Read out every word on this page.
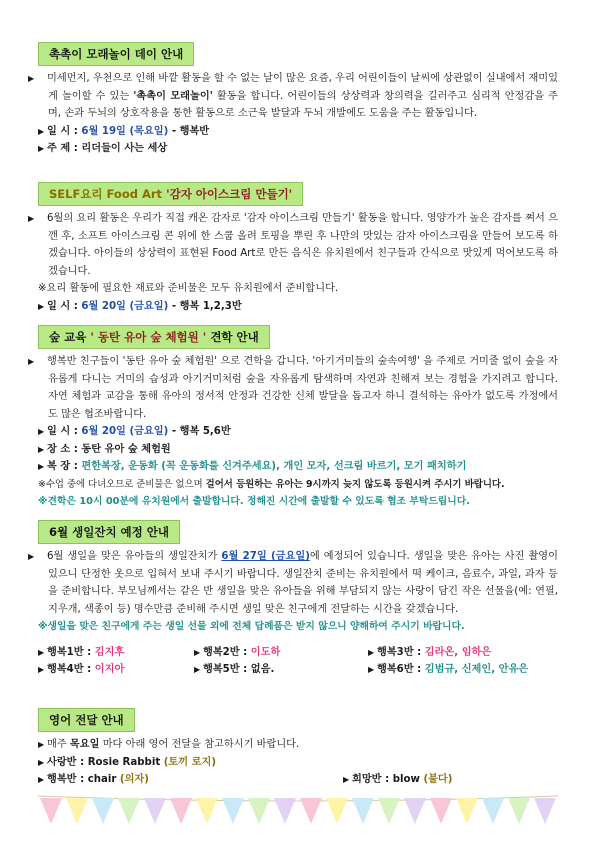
촉촉이 모래놀이 데이 안내
▶ 미세먼지, 우천으로 인해 바깥 활동을 할 수 없는 날이 많은 요즘, 우리 어린이들이 날씨에 상관없이 실내에서 재미있게 놀이할 수 있는 '촉촉이 모래놀이' 활동을 합니다. 어린이들의 상상력과 창의력을 길러주고 심리적 안정감을 주며, 손과 두뇌의 상호작용을 통한 활동으로 소근육 발달과 두뇌 개발에도 도움을 주는 활동입니다.
▶ 일 시 : 6월 19일 (목요일) - 행복반
▶ 주 제 : 리더들이 사는 세상
SELF요리 Food Art '감자 아이스크림 만들기'
▶ 6월의 요리 활동은 우리가 직접 캐온 감자로 '감자 아이스크림 만들기' 활동을 합니다. 영양가가 높은 감자를 쪄서 으깬 후, 소프트 아이스크림 콘 위에 한 스쿱 올려 토핑을 뿌린 후 나만의 맛있는 감자 아이스크림을 만들어 보도록 하겠습니다. 아이들의 상상력이 표현된 Food Art로 만든 음식은 유치원에서 친구들과 간식으로 맛있게 먹어보도록 하겠습니다.
※요리 활동에 필요한 재료와 준비물은 모두 유치원에서 준비합니다.
▶ 일 시 : 6월 20일 (금요일) - 행복 1,2,3반
숲 교육 ' 동탄 유아 숲 체험원 ' 견학 안내
▶ 행복반 친구들이 '동탄 유아 숲 체험원' 으로 견학을 갑니다. '아기거미들의 숲속여행' 을 주제로 거미줄 없이 숲을 자유롭게 다니는 거미의 습성과 아기거미처럼 숲을 자유롭게 탐색하며 자연과 친해져 보는 경험을 가지려고 합니다. 자연 체험과 교감을 통해 유아의 정서적 안정과 건강한 신체 발달을 돕고자 하니 결석하는 유아가 없도록 가정에서도 많은 협조바랍니다.
▶ 일 시 : 6월 20일 (금요일) - 행복 5,6반
▶ 장 소 : 동탄 유아 숲 체험원
▶ 복 장 : 편한복장, 운동화 (꼭 운동화를 신겨주세요), 개인 모자, 선크림 바르기, 모기 패치하기
※수업 중에 다녀오므로 준비물은 없으며 걸어서 등원하는 유아는 9시까지 늦지 않도록 등원시켜 주시기 바랍니다.
※견학은 10시 00분에 유치원에서 출발합니다. 정해진 시간에 출발할 수 있도록 협조 부탁드립니다.
6월 생일잔치 예정 안내
▶ 6월 생일을 맞은 유아들의 생일잔치가 6월 27일 (금요일)에 예정되어 있습니다. 생일을 맞은 유아는 사진 촬영이 있으니 단정한 옷으로 입혀서 보내 주시기 바랍니다. 생일잔치 준비는 유치원에서 떡 케이크, 음료수, 과일, 과자 등을 준비합니다. 부모님께서는 같은 반 생일을 맞은 유아들을 위해 부담되지 않는 사랑이 담긴 작은 선물을(예: 연필, 지우개, 색종이 등) 명수만큼 준비해 주시면 생일 맞은 친구에게 전달하는 시간을 갖겠습니다.
※생일을 맞은 친구에게 주는 생일 선물 외에 전체 답례품은 받지 않으니 양해하여 주시기 바랍니다.
▶ 행복1반 : 김지후	▶ 행복2반 : 이도하	▶ 행복3반 : 김라온, 임하은
▶ 행복4반 : 이지아	▶ 행복5반 : 없음.	▶ 행복6반 : 김범규, 신제인, 안유은
영어 전달 안내
▶ 매주 목요일 마다 아래 영어 전달을 참고하시기 바랍니다.
▶ 사랑반 : Rosie Rabbit (토끼 로지)
▶ 행복반 : chair (의자)	▶ 희망반 : blow (불다)
